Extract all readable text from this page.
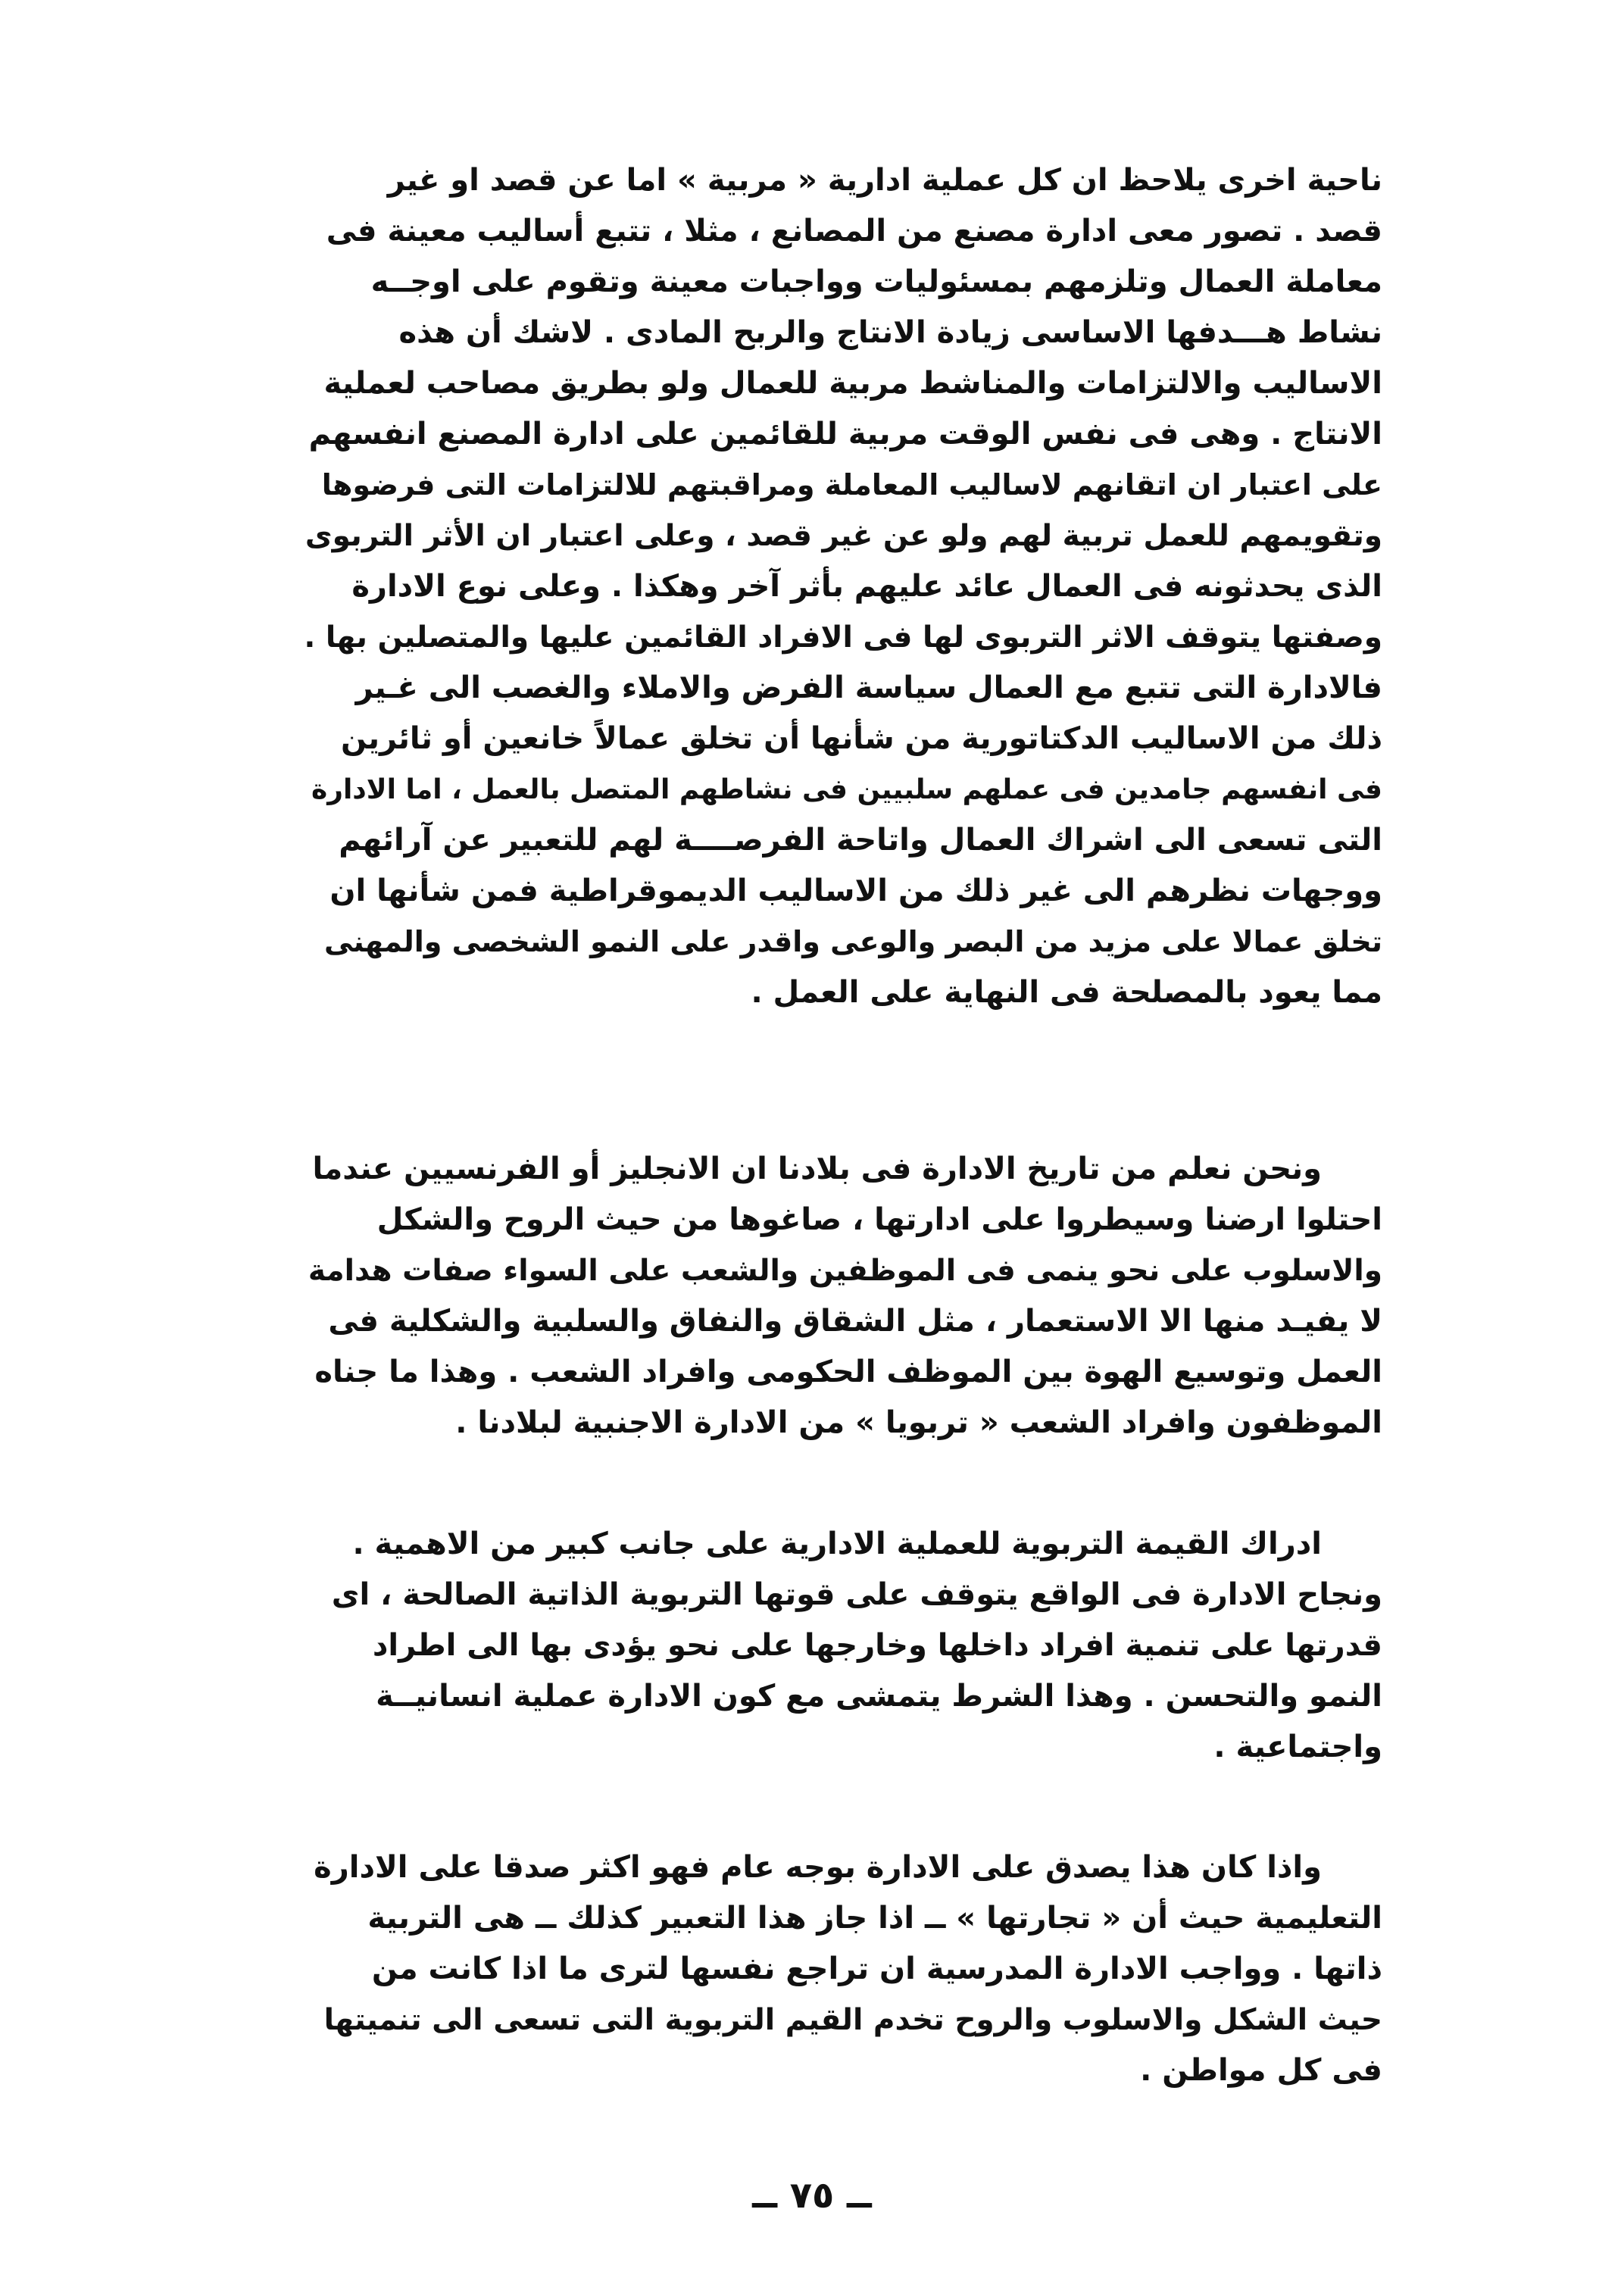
ناحية اخرى يلاحظ ان كل عملية ادارية « مربية » اما عن قصد او غير
قصد . تصور معى ادارة مصنع من المصانع ، مثلا ، تتبع أساليب معينة فى
معاملة العمال وتلزمهم بمسئوليات وواجبات معينة وتقوم على اوجــه
نشاط هـــدفها الاساسى زيادة الانتاج والربح المادى . لاشك أن هذه
الاساليب والالتزامات والمناشط مربية للعمال ولو بطريق مصاحب لعملية
الانتاج . وهى فى نفس الوقت مربية للقائمين على ادارة المصنع انفسهم
على اعتبار ان اتقانهم لاساليب المعاملة ومراقبتهم للالتزامات التى فرضوها
وتقويمهم للعمل تربية لهم ولو عن غير قصد ، وعلى اعتبار ان الأثر التربوى
الذى يحدثونه فى العمال عائد عليهم بأثر آخر وهكذا . وعلى نوع الادارة
وصفتها يتوقف الاثر التربوى لها فى الافراد القائمين عليها والمتصلين بها .
فالادارة التى تتبع مع العمال سياسة الفرض والاملاء والغصب الى غـير
ذلك من الاساليب الدكتاتورية من شأنها أن تخلق عمالاً خانعين أو ثائرين
فى انفسهم جامدين فى عملهم سلبيين فى نشاطهم المتصل بالعمل ، اما الادارة
التى تسعى الى اشراك العمال واتاحة الفرصــــة لهم للتعبير عن آرائهم
ووجهات نظرهم الى غير ذلك من الاساليب الديموقراطية فمن شأنها ان
تخلق عمالا على مزيد من البصر والوعى واقدر على النمو الشخصى والمهنى
مما يعود بالمصلحة فى النهاية على العمل .
ونحن نعلم من تاريخ الادارة فى بلادنا ان الانجليز أو الفرنسيين عندما
احتلوا ارضنا وسيطروا على ادارتها ، صاغوها من حيث الروح والشكل
والاسلوب على نحو ينمى فى الموظفين والشعب على السواء صفات هدامة
لا يفيـد منها الا الاستعمار ، مثل الشقاق والنفاق والسلبية والشكلية فى
العمل وتوسيع الهوة بين الموظف الحكومى وافراد الشعب . وهذا ما جناه
الموظفون وافراد الشعب « تربويا » من الادارة الاجنبية لبلادنا .
ادراك القيمة التربوية للعملية الادارية على جانب كبير من الاهمية .
ونجاح الادارة فى الواقع يتوقف على قوتها التربوية الذاتية الصالحة ، اى
قدرتها على تنمية افراد داخلها وخارجها على نحو يؤدى بها الى اطراد
النمو والتحسن . وهذا الشرط يتمشى مع كون الادارة عملية انسانيــة
واجتماعية .
واذا كان هذا يصدق على الادارة بوجه عام فهو اكثر صدقا على الادارة
التعليمية حيث أن « تجارتها » ــ اذا جاز هذا التعبير كذلك ــ هى التربية
ذاتها . وواجب الادارة المدرسية ان تراجع نفسها لترى ما اذا كانت من
حيث الشكل والاسلوب والروح تخدم القيم التربوية التى تسعى الى تنميتها
فى كل مواطن .
ــ ٧٥ ــ
